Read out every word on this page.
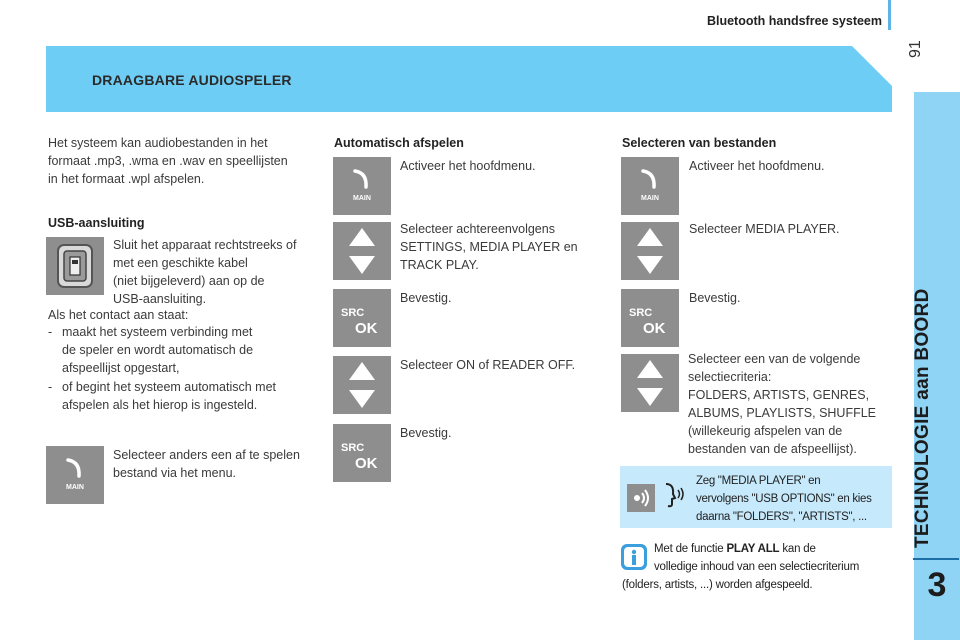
Bluetooth handsfree systeem
91
TECHNOLOGIE aan BOORD
3
DRAAGBARE AUDIOSPELER
Het systeem kan audiobestanden in het
formaat .mp3, .wma en .wav en speellijsten
in het formaat .wpl afspelen.
USB-aansluiting
Sluit het apparaat rechtstreeks of
met een geschikte kabel
(niet bijgeleverd) aan op de
USB-aansluiting.
Als het contact aan staat:
- maakt het systeem verbinding met
de speler en wordt automatisch de
afspeellijst opgestart,
- of begint het systeem automatisch met
afspelen als het hierop is ingesteld.
MAIN
Selecteer anders een af te spelen
bestand via het menu.
Automatisch afspelen
MAIN
Activeer het hoofdmenu.
Selecteer achtereenvolgens
SETTINGS, MEDIA PLAYER en
TRACK PLAY.
SRC
OK
Bevestig.
Selecteer ON of READER OFF.
SRC
OK
Bevestig.
Selecteren van bestanden
MAIN
Activeer het hoofdmenu.
Selecteer MEDIA PLAYER.
SRC
OK
Bevestig.
Selecteer een van de volgende
selectiecriteria:
FOLDERS, ARTISTS, GENRES,
ALBUMS, PLAYLISTS, SHUFFLE
(willekeurig afspelen van de
bestanden van de afspeellijst).
Zeg "MEDIA PLAYER" en
vervolgens "USB OPTIONS" en kies
daarna "FOLDERS", "ARTISTS", ...
Met de functie PLAY ALL kan de
volledige inhoud van een selectiecriterium
(folders, artists, ...) worden afgespeeld.
